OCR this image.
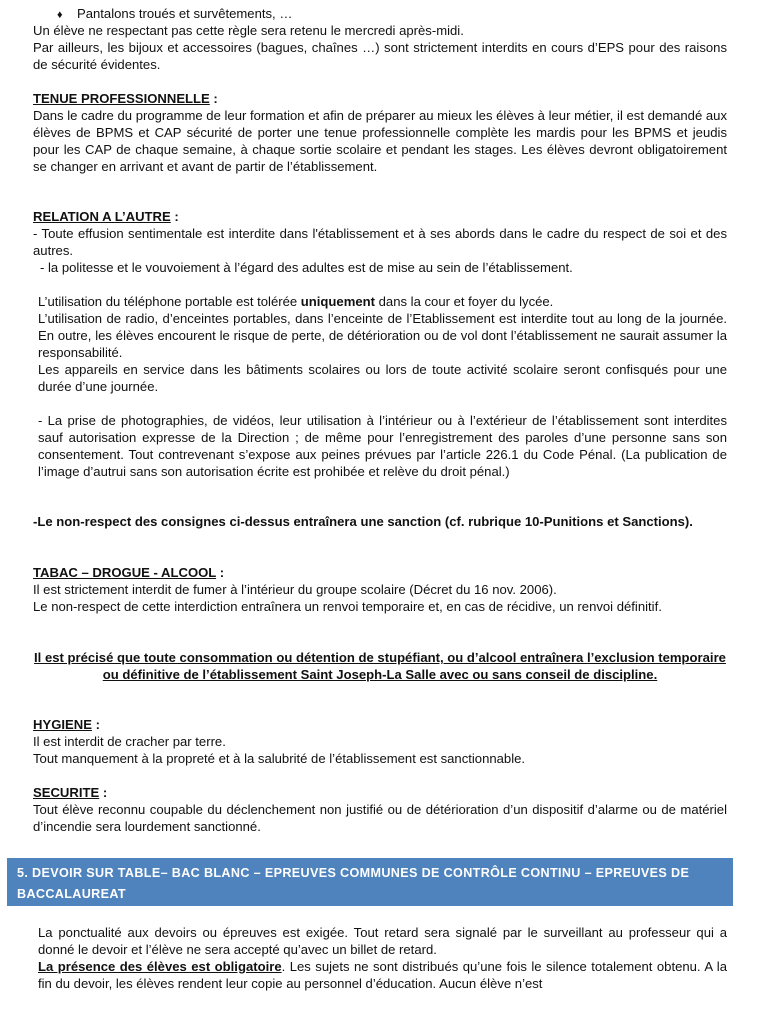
♦ Pantalons troués et survêtements, …

Un élève ne respectant pas cette règle sera retenu le mercredi après-midi.

Par ailleurs, les bijoux et accessoires (bagues, chaînes …) sont strictement interdits en cours d’EPS pour des raisons de sécurité évidentes.

TENUE PROFESSIONNELLE :

Dans le cadre du programme de leur formation et afin de préparer au mieux les élèves à leur métier, il est demandé aux élèves de BPMS et CAP sécurité de porter une tenue professionnelle complète les mardis pour les BPMS et jeudis pour les CAP de chaque semaine, à chaque sortie scolaire et pendant les stages. Les élèves devront obligatoirement se changer en arrivant et avant de partir de l’établissement.

RELATION A L’AUTRE :

- Toute effusion sentimentale est interdite dans l'établissement et à ses abords dans le cadre du respect de soi et des autres.

- la politesse et le vouvoiement à l’égard des adultes est de mise au sein de l’établissement.

L’utilisation du téléphone portable est tolérée uniquement dans la cour et foyer du lycée.

L’utilisation de radio, d’enceintes portables, dans l’enceinte de l’Etablissement est interdite tout au long de la journée. En outre, les élèves encourent le risque de perte, de détérioration ou de vol dont l’établissement ne saurait assumer la responsabilité.

Les appareils en service dans les bâtiments scolaires ou lors de toute activité scolaire seront confisqués pour une durée d’une journée.

- La prise de photographies, de vidéos, leur utilisation à l’intérieur ou à l’extérieur de l’établissement sont interdites sauf autorisation expresse de la Direction ; de même pour l’enregistrement des paroles d’une personne sans son consentement. Tout contrevenant s’expose aux peines prévues par l’article 226.1 du Code Pénal. (La publication de l’image d’autrui sans son autorisation écrite est prohibée et relève du droit pénal.)

-Le non-respect des consignes ci-dessus entraînera une sanction (cf. rubrique 10-Punitions et Sanctions).

TABAC – DROGUE - ALCOOL :

Il est strictement interdit de fumer à l’intérieur du groupe scolaire (Décret du 16 nov. 2006).

Le non-respect de cette interdiction entraînera un renvoi temporaire et, en cas de récidive, un renvoi définitif.

Il est précisé que toute consommation ou détention de stupéfiant, ou d’alcool entraînera l’exclusion temporaire ou définitive de l’établissement Saint Joseph-La Salle avec ou sans conseil de discipline.

HYGIENE :

Il est interdit de cracher par terre.

Tout manquement à la propreté et à la salubrité de l’établissement est sanctionnable.

SECURITE :

Tout élève reconnu coupable du déclenchement non justifié ou de détérioration d’un dispositif d’alarme ou de matériel d’incendie sera lourdement sanctionné.

5. DEVOIR SUR TABLE– BAC BLANC – EPREUVES COMMUNES DE CONTRÔLE CONTINU – EPREUVES DE BACCALAUREAT

La ponctualité aux devoirs ou épreuves est exigée. Tout retard sera signalé par le surveillant au professeur qui a donné le devoir et l’élève ne sera accepté qu’avec un billet de retard.

La présence des élèves est obligatoire. Les sujets ne sont distribués qu’une fois le silence totalement obtenu. A la fin du devoir, les élèves rendent leur copie au personnel d’éducation. Aucun élève n’est
